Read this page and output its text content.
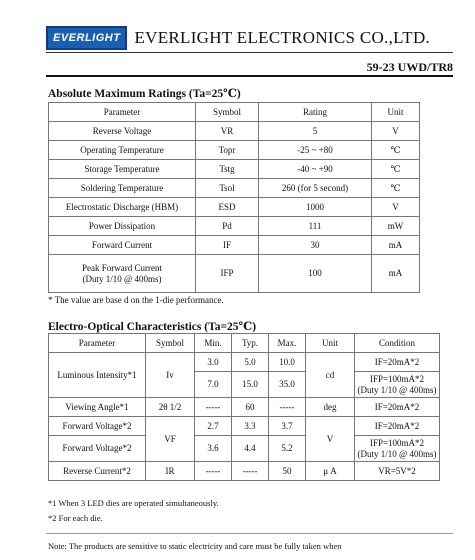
EVERLIGHT EVERLIGHT ELECTRONICS CO.,LTD.
59-23 UWD/TR8
Absolute Maximum Ratings (Ta=25℃)
Parameter	Symbol	Rating	Unit
Reverse Voltage	VR	5	V
Operating Temperature	Topr	-25 ~ +80	℃
Storage Temperature	Tstg	-40 ~ +90	℃
Soldering Temperature	Tsol	260 (for 5 second)	℃
Electrostatic Discharge (HBM)	ESD	1000	V
Power Dissipation	Pd	111	mW
Forward Current	IF	30	mA

Peak Forward Current
(Duty 1/10 @ 400ms)	IFP	100	mA
* The value are base d on the 1-die performance.
Electro-Optical Characteristics (Ta=25℃)
Parameter	Symbol	Min.	Typ.	Max.	Unit	Condition
Luminous Intensity*1	Iv	3.0	5.0	10.0	cd	IF=20mA*2
		7.0	15.0	35.0		IFP=100mA*2
(Duty 1/10 @ 400ms)

Viewing Angle*1	2θ 1/2	-----	60	-----	deg	IF=20mA*2
Forward Voltage*2	VF	2.7	3.3	3.7	V	IF=20mA*2
Forward Voltage*2		3.6	4.4	5.2		IFP=100mA*2
(Duty 1/10 @ 400ms)

Reverse Current*2	IR	-----	-----	50	μ A	VR=5V*2
*1 When 3 LED dies are operated simultaneously.
*2 For each die.
Note: The products are sensitive to static electricity and care must be fully taken when
